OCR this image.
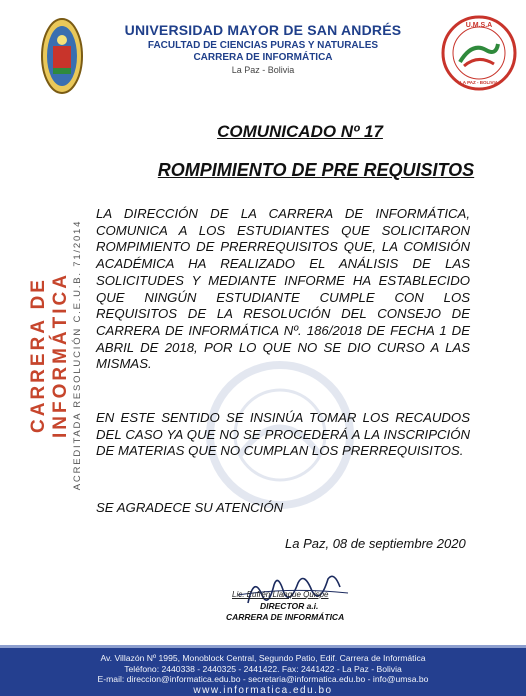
UNIVERSIDAD MAYOR DE SAN ANDRÉS
FACULTAD DE CIENCIAS PURAS Y NATURALES
CARRERA DE INFORMÁTICA
La Paz - Bolivia
U.M.S.A
LA PAZ - BOLIVIA
CARRERA DE INFORMÁTICA ACREDITADA RESOLUCIÓN C.E.U.B. 71/2014
COMUNICADO Nº 17
ROMPIMIENTO DE PRE REQUISITOS
LA DIRECCIÓN DE LA CARRERA DE INFORMÁTICA, COMUNICA A LOS ESTUDIANTES QUE SOLICITARON ROMPIMIENTO DE PRERREQUISITOS QUE, LA COMISIÓN ACADÉMICA HA REALIZADO EL ANÁLISIS DE LAS SOLICITUDES Y MEDIANTE INFORME HA ESTABLECIDO QUE NINGÚN ESTUDIANTE CUMPLE CON LOS REQUISITOS DE LA RESOLUCIÓN DEL CONSEJO DE CARRERA DE INFORMÁTICA Nº. 186/2018 DE FECHA 1 DE ABRIL DE 2018, POR LO QUE NO SE DIO CURSO A LAS MISMAS.
EN ESTE SENTIDO SE INSINÚA TOMAR LOS RECAUDOS DEL CASO YA QUE NO SE PROCEDERÁ A LA INSCRIPCIÓN DE MATERIAS QUE NO CUMPLAN LOS PRERREQUISITOS.
SE AGRADECE SU ATENCIÓN
La Paz, 08 de septiembre 2020
Lic. Eufrén Llanque Quispe
DIRECTOR a.i.
CARRERA DE INFORMÁTICA
Av. Villazón Nº 1995, Monoblock Central, Segundo Patio, Edif. Carrera de Informática
Teléfono: 2440338 - 2440325 - 2441422. Fax: 2441422 - La Paz - Bolivia
E-mail: direccion@informatica.edu.bo - secretaria@informatica.edu.bo - info@umsa.bo
www.informatica.edu.bo
